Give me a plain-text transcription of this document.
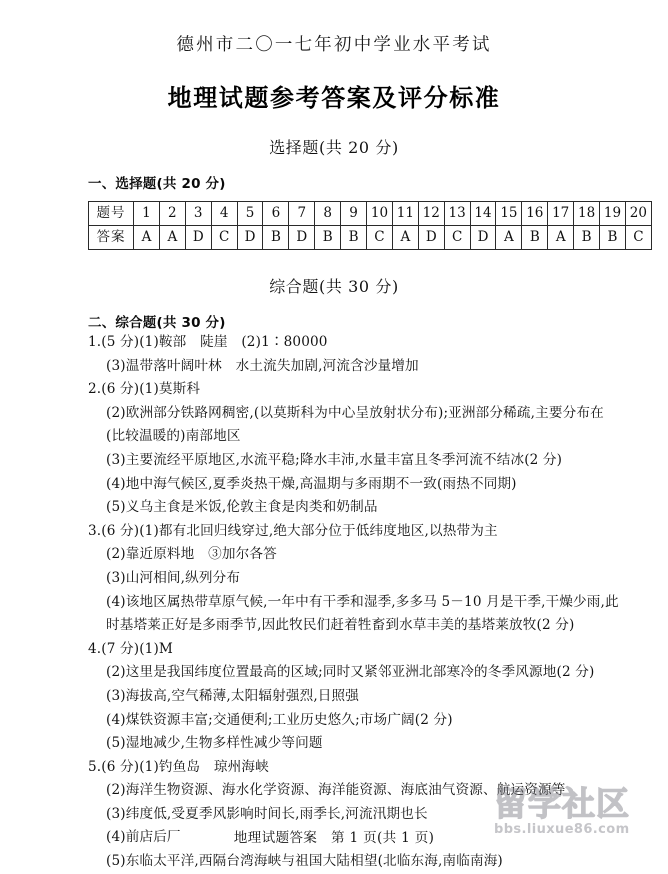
德州市二〇一七年初中学业水平考试
地理试题参考答案及评分标准
选择题(共 20 分)
一、选择题(共 20 分)
题号	1	2	3	4	5	6	7	8	9	10	11	12	13	14	15	16	17	18	19	20
答案	A	A	D	C	D	B	D	B	B	C	A	D	C	D	A	B	A	B	B	C
综合题(共 30 分)
二、综合题(共 30 分)
1.(5 分)(1)鞍部　陡崖　(2)1∶80000
(3)温带落叶阔叶林　水土流失加剧,河流含沙量增加
2.(6 分)(1)莫斯科
(2)欧洲部分铁路网稠密,(以莫斯科为中心呈放射状分布);亚洲部分稀疏,主要分布在
(比较温暖的)南部地区
(3)主要流经平原地区,水流平稳;降水丰沛,水量丰富且冬季河流不结冰(2 分)
(4)地中海气候区,夏季炎热干燥,高温期与多雨期不一致(雨热不同期)
(5)义乌主食是米饭,伦敦主食是肉类和奶制品
3.(6 分)(1)都有北回归线穿过,绝大部分位于低纬度地区,以热带为主
(2)靠近原料地　③加尔各答
(3)山河相间,纵列分布
(4)该地区属热带草原气候,一年中有干季和湿季,多多马 5－10 月是干季,干燥少雨,此
时基塔莱正好是多雨季节,因此牧民们赶着牲畜到水草丰美的基塔莱放牧(2 分)
4.(7 分)(1)M
(2)这里是我国纬度位置最高的区域;同时又紧邻亚洲北部寒冷的冬季风源地(2 分)
(3)海拔高,空气稀薄,太阳辐射强烈,日照强
(4)煤铁资源丰富;交通便利;工业历史悠久;市场广阔(2 分)
(5)湿地减少,生物多样性减少等问题
5.(6 分)(1)钓鱼岛　琼州海峡
(2)海洋生物资源、海水化学资源、海洋能资源、海底油气资源、航运资源等
(3)纬度低,受夏季风影响时间长,雨季长,河流汛期也长
(4)前店后厂
(5)东临太平洋,西隔台湾海峡与祖国大陆相望(北临东海,南临南海)
留学社区
bbs.liuxue86.com
地理试题答案　第 1 页(共 1 页)
